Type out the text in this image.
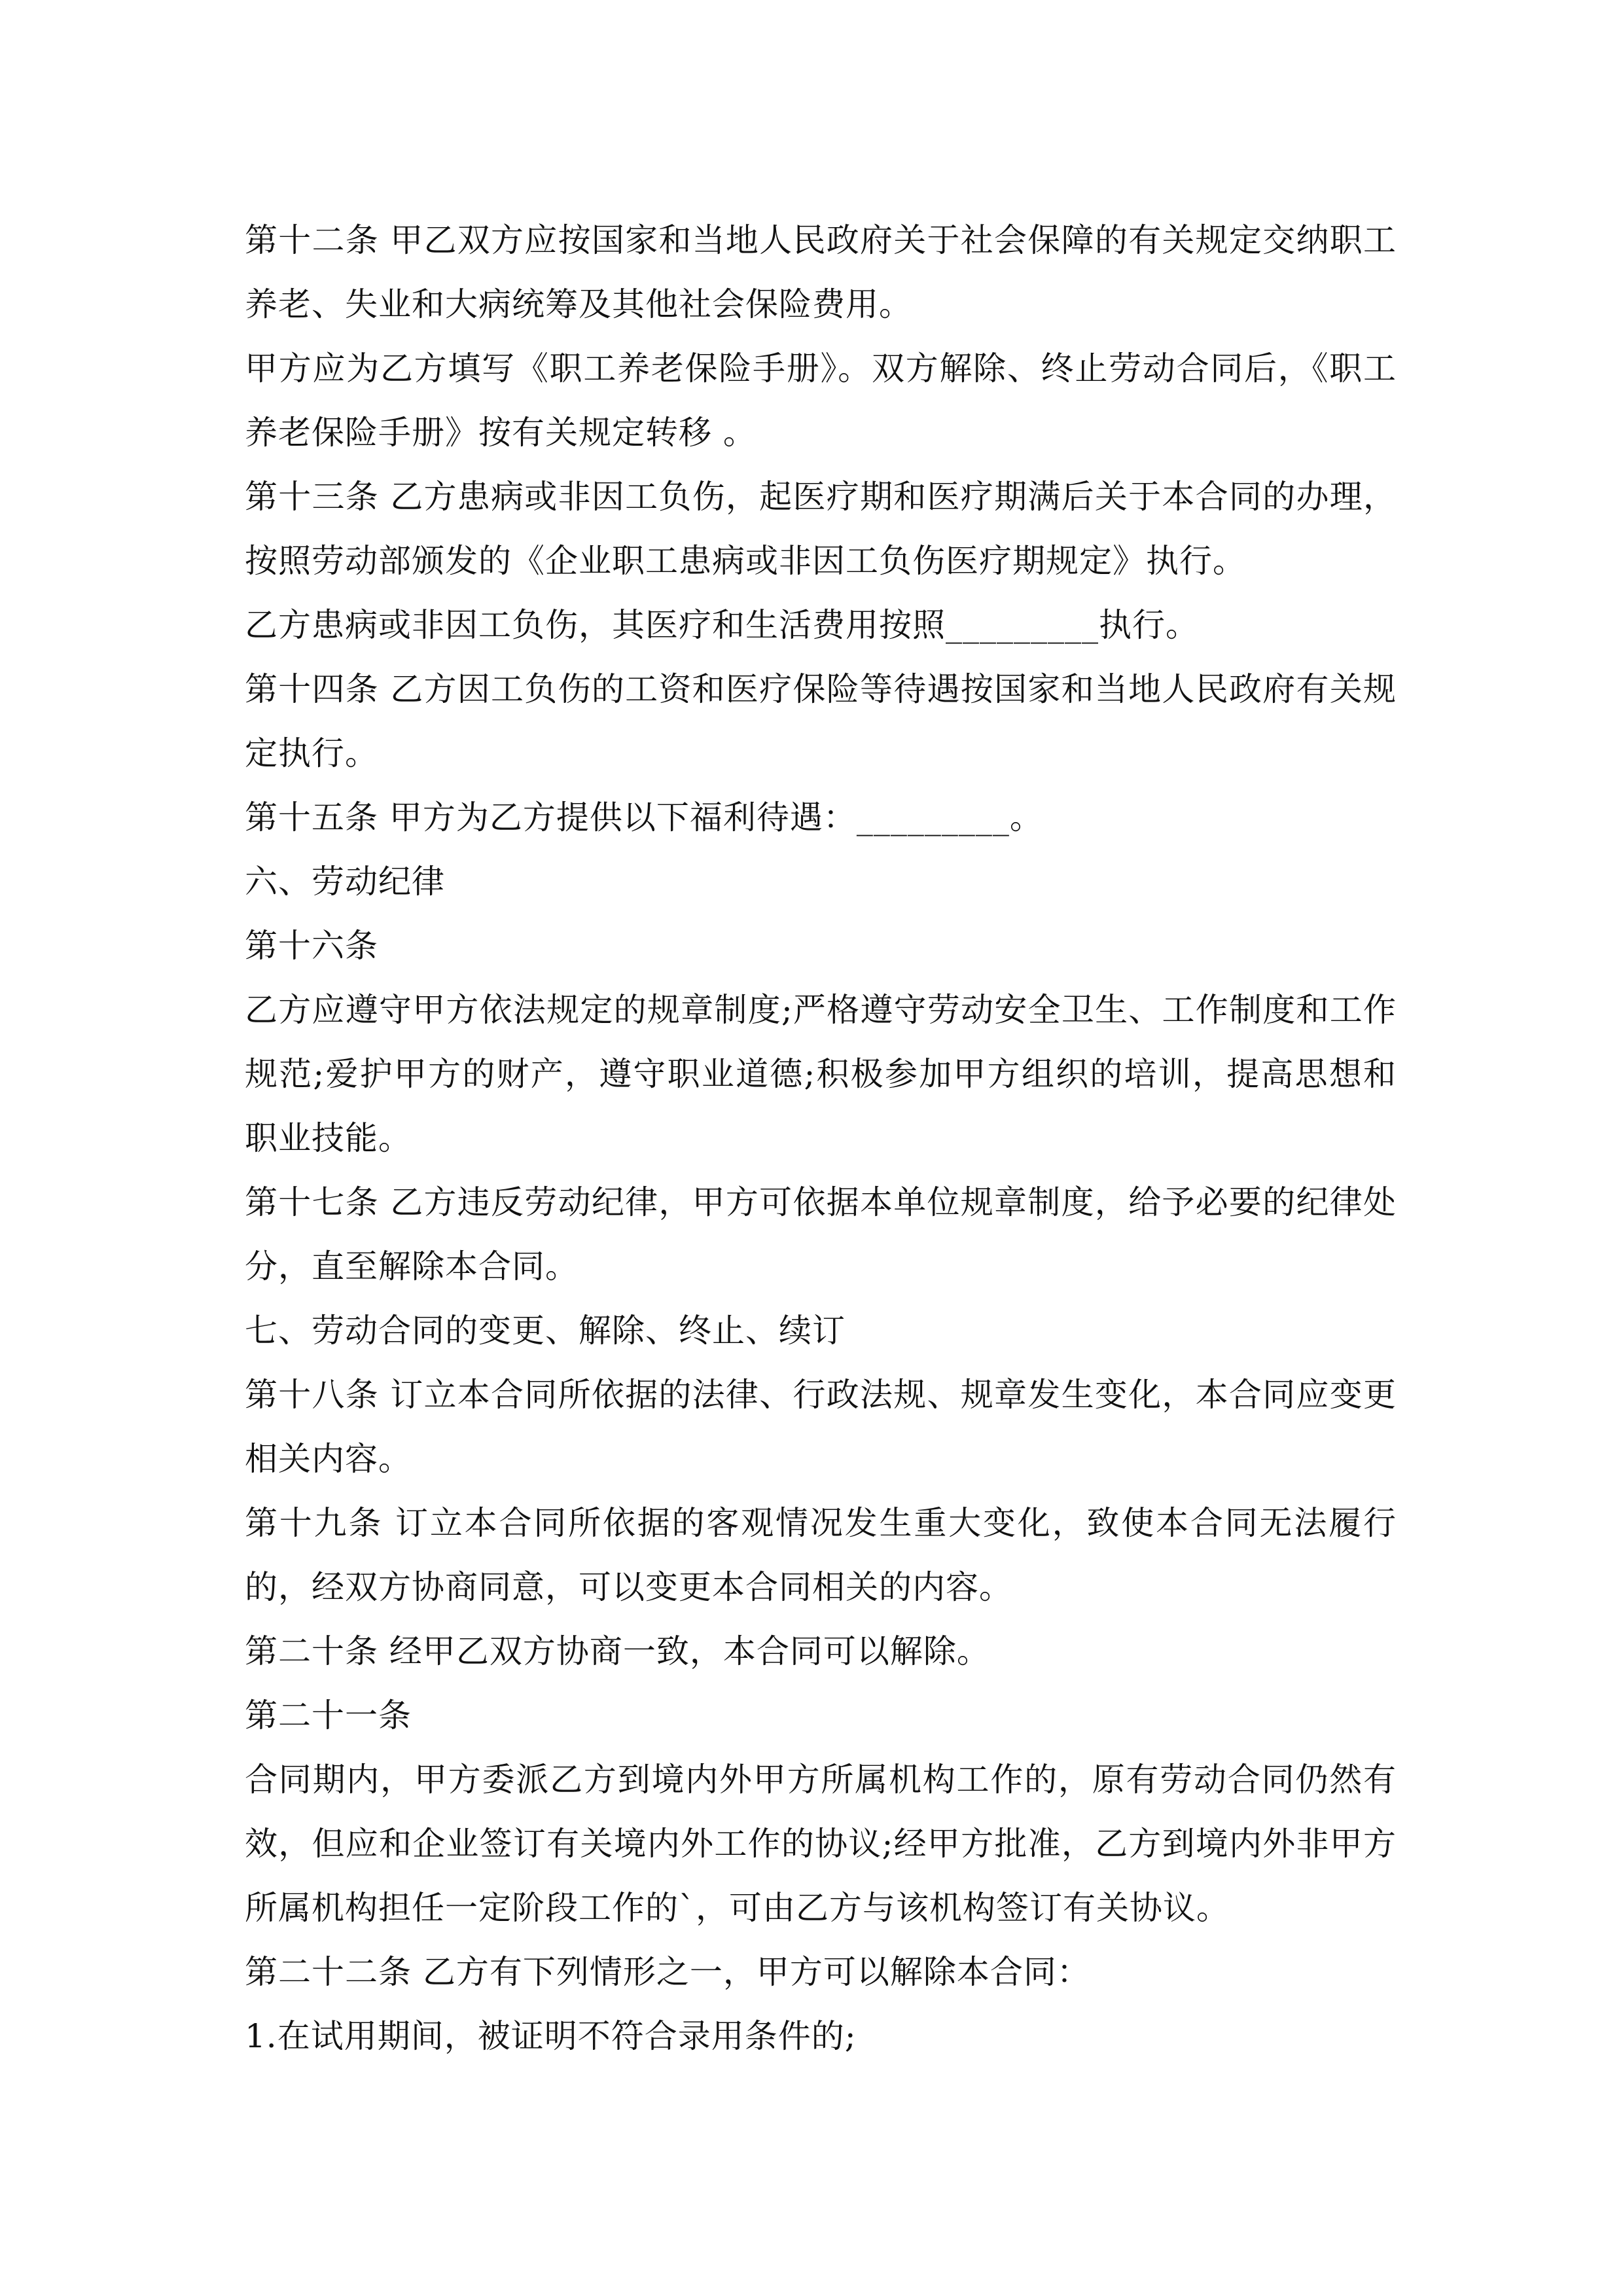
第十二条 甲乙双方应按国家和当地人民政府关于社会保障的有关规定交纳职工养老、失业和大病统筹及其他社会保险费用。

甲方应为乙方填写《职工养老保险手册》。双方解除、终止劳动合同后，《职工养老保险手册》按有关规定转移 。

第十三条 乙方患病或非因工负伤，起医疗期和医疗期满后关于本合同的办理，按照劳动部颁发的《企业职工患病或非因工负伤医疗期规定》执行。

乙方患病或非因工负伤，其医疗和生活费用按照_________执行。

第十四条 乙方因工负伤的工资和医疗保险等待遇按国家和当地人民政府有关规定执行。

第十五条 甲方为乙方提供以下福利待遇：_________。

六、劳动纪律

第十六条

乙方应遵守甲方依法规定的规章制度;严格遵守劳动安全卫生、工作制度和工作规范;爱护甲方的财产，遵守职业道德;积极参加甲方组织的培训，提高思想和职业技能。

第十七条 乙方违反劳动纪律，甲方可依据本单位规章制度，给予必要的纪律处分，直至解除本合同。

七、劳动合同的变更、解除、终止、续订

第十八条 订立本合同所依据的法律、行政法规、规章发生变化，本合同应变更相关内容。

第十九条 订立本合同所依据的客观情况发生重大变化，致使本合同无法履行的，经双方协商同意，可以变更本合同相关的内容。

第二十条 经甲乙双方协商一致，本合同可以解除。

第二十一条

合同期内，甲方委派乙方到境内外甲方所属机构工作的，原有劳动合同仍然有效，但应和企业签订有关境内外工作的协议;经甲方批准，乙方到境内外非甲方所属机构担任一定阶段工作的`，可由乙方与该机构签订有关协议。

第二十二条 乙方有下列情形之一，甲方可以解除本合同：

1.在试用期间，被证明不符合录用条件的;
